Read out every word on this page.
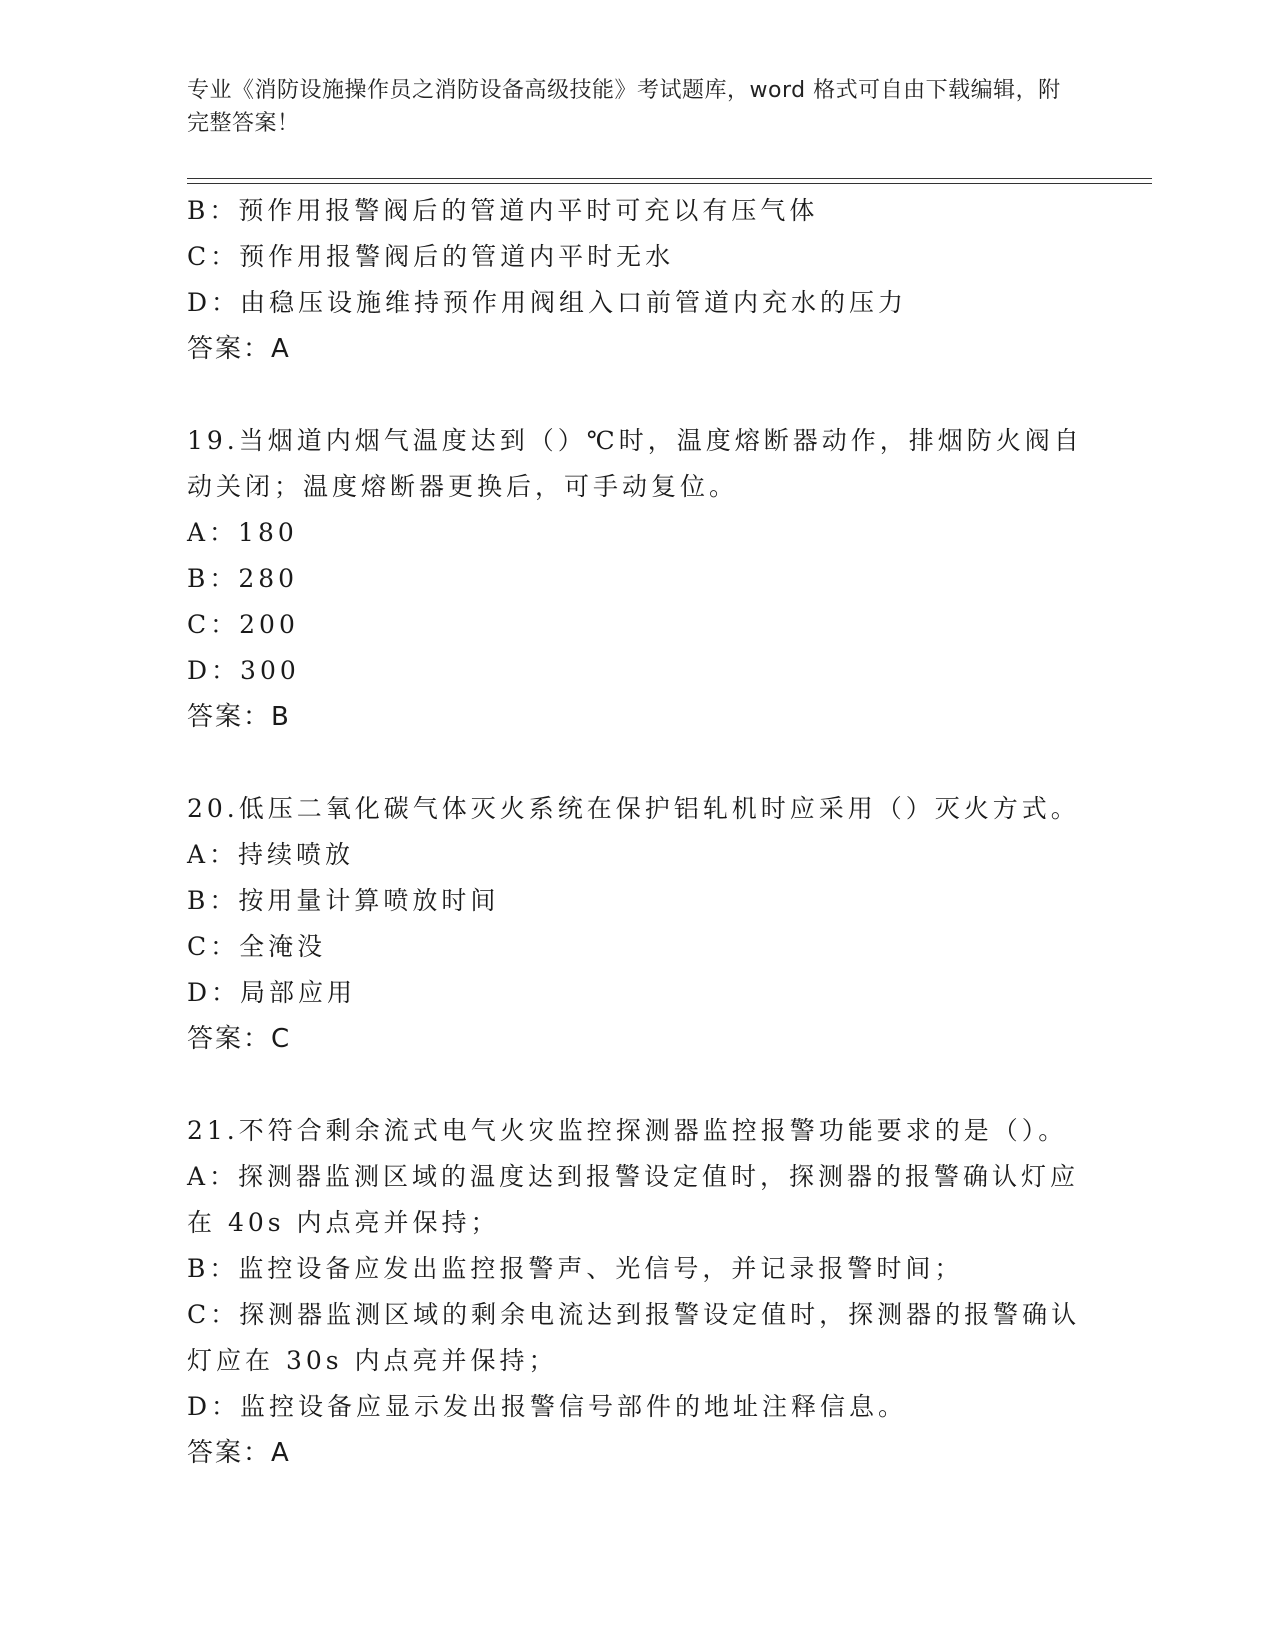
专业《消防设施操作员之消防设备高级技能》考试题库，word 格式可自由下载编辑，附完整答案！
B：预作用报警阀后的管道内平时可充以有压气体
C：预作用报警阀后的管道内平时无水
D：由稳压设施维持预作用阀组入口前管道内充水的压力
答案：A
19.当烟道内烟气温度达到（）℃时，温度熔断器动作，排烟防火阀自
动关闭；温度熔断器更换后，可手动复位。
A：180
B：280
C：200
D：300
答案：B
20.低压二氧化碳气体灭火系统在保护铝轧机时应采用（）灭火方式。
A：持续喷放
B：按用量计算喷放时间
C：全淹没
D：局部应用
答案：C
21.不符合剩余流式电气火灾监控探测器监控报警功能要求的是（）。
A：探测器监测区域的温度达到报警设定值时，探测器的报警确认灯应
在 40s 内点亮并保持；
B：监控设备应发出监控报警声、光信号，并记录报警时间；
C：探测器监测区域的剩余电流达到报警设定值时，探测器的报警确认
灯应在 30s 内点亮并保持；
D：监控设备应显示发出报警信号部件的地址注释信息。
答案：A
